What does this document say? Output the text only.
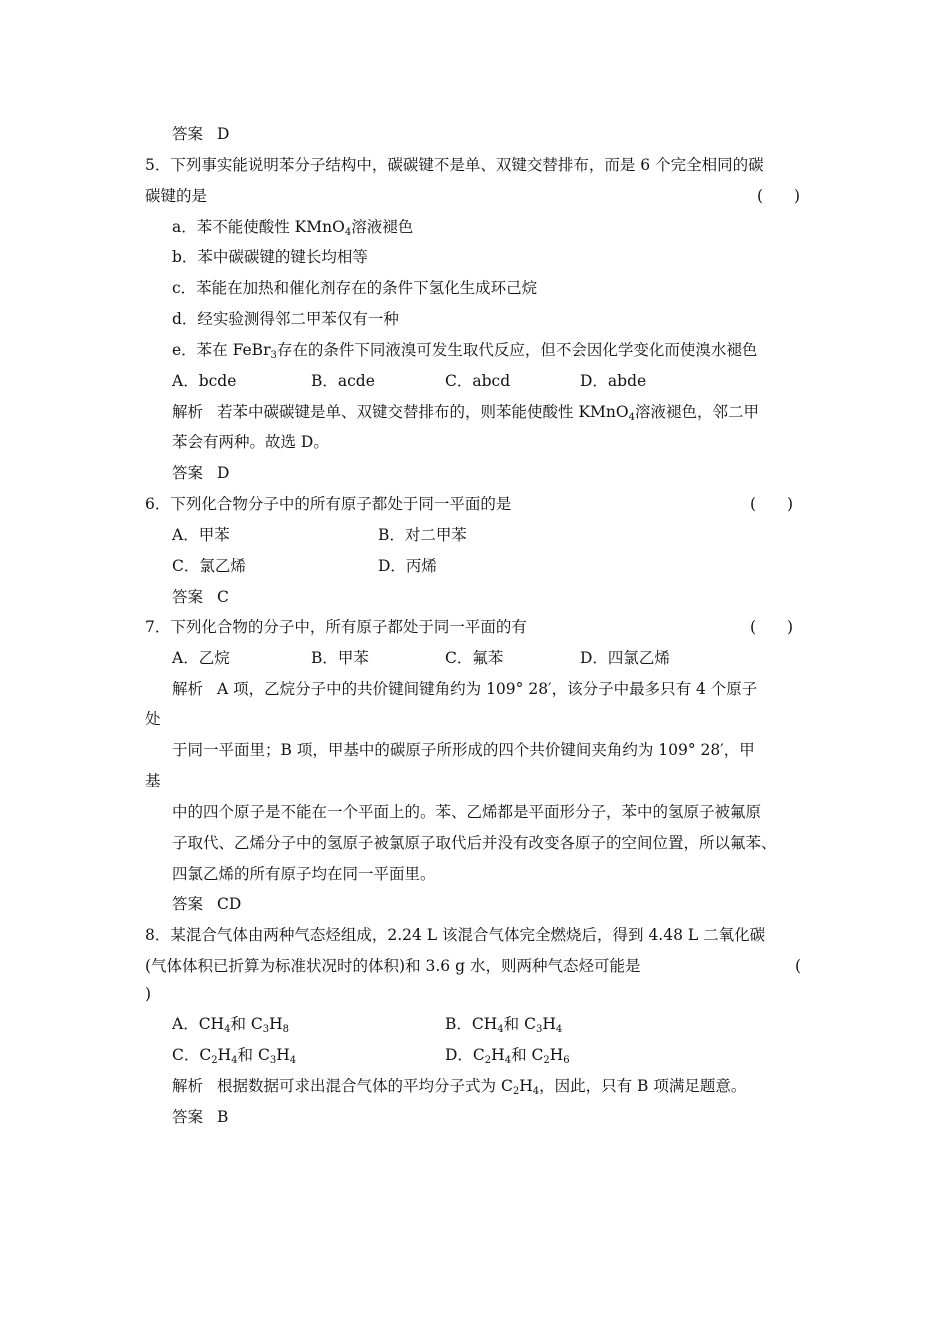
答案 D
5．下列事实能说明苯分子结构中，碳碳键不是单、双键交替排布，而是 6 个完全相同的碳
碳键的是	(　　)
a．苯不能使酸性 KMnO$_4$溶液褪色
b．苯中碳碳键的键长均相等
c．苯能在加热和催化剂存在的条件下氢化生成环己烷
d．经实验测得邻二甲苯仅有一种
e．苯在 FeBr$_3$存在的条件下同液溴可发生取代反应，但不会因化学变化而使溴水褪色
A．bcde	B．acde	C．abcd	D．abde
解析 若苯中碳碳键是单、双键交替排布的，则苯能使酸性 KMnO$_4$溶液褪色，邻二甲
苯会有两种。故选 D。
答案 D
6．下列化合物分子中的所有原子都处于同一平面的是	(　　)
A．甲苯	B．对二甲苯
C．氯乙烯	D．丙烯
答案 C
7．下列化合物的分子中，所有原子都处于同一平面的有	(　　)
A．乙烷	B．甲苯	C．氟苯	D．四氯乙烯
解析 A 项，乙烷分子中的共价键间键角约为 109° 28′，该分子中最多只有 4 个原子
处
于同一平面里；B 项，甲基中的碳原子所形成的四个共价键间夹角约为 109° 28′，甲
基
中的四个原子是不能在一个平面上的。苯、乙烯都是平面形分子，苯中的氢原子被氟原
子取代、乙烯分子中的氢原子被氯原子取代后并没有改变各原子的空间位置，所以氟苯、
四氯乙烯的所有原子均在同一平面里。
答案 CD
8．某混合气体由两种气态烃组成，2.24 L 该混合气体完全燃烧后，得到 4.48 L 二氧化碳
(气体体积已折算为标准状况时的体积)和 3.6 g 水，则两种气态烃可能是	(
)
A．$CH_4$和 $C_3H_8$	B．$CH_4$和 $C_3H_4$
C．$C_2H_4$和 $C_3H_4$	D．$C_2H_4$和 $C_2H_6$
解析 根据数据可求出混合气体的平均分子式为 $C_2H_4$，因此，只有 B 项满足题意。
答案 B
